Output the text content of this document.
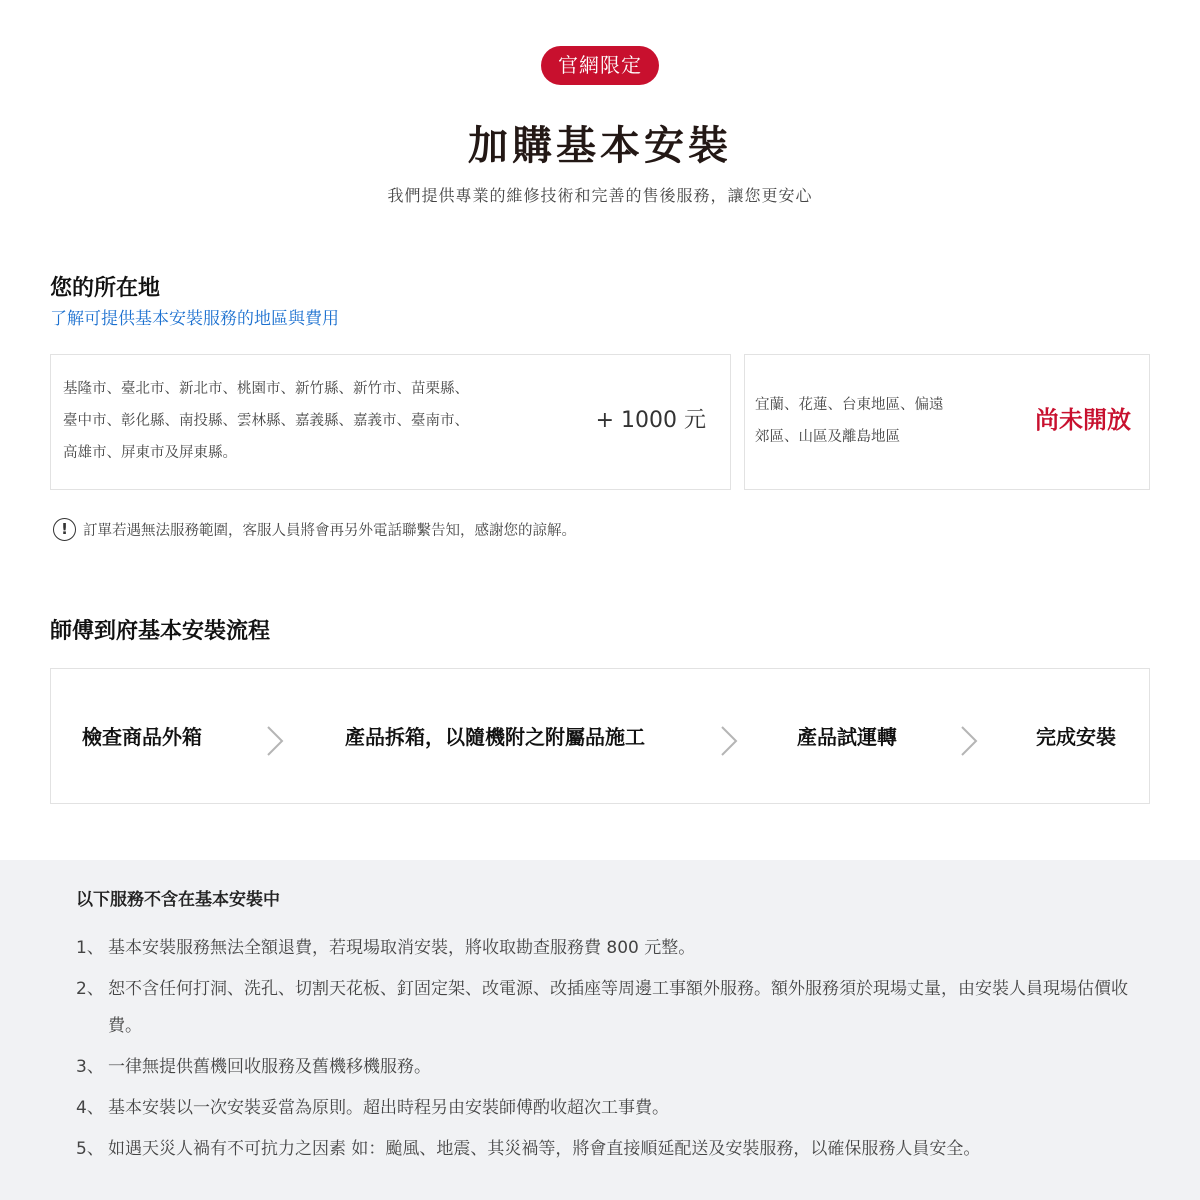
官網限定
加購基本安裝

我們提供專業的維修技術和完善的售後服務，讓您更安心

您的所在地
了解可提供基本安裝服務的地區與費用
基隆市、臺北市、新北市、桃園市、新竹縣、新竹市、苗栗縣、
臺中市、彰化縣、南投縣、雲林縣、嘉義縣、嘉義市、臺南市、
高雄市、屏東市及屏東縣。
+ 1000 元
宜蘭、花蓮、台東地區、偏遠
郊區、山區及離島地區
尚未開放
!	訂單若遇無法服務範圍，客服人員將會再另外電話聯繫告知，感謝您的諒解。
師傅到府基本安裝流程
檢查商品外箱	產品拆箱，以隨機附之附屬品施工	產品試運轉	完成安裝
以下服務不含在基本安裝中
1、 基本安裝服務無法全額退費，若現場取消安裝，將收取勘查服務費 800 元整。
2、 恕不含任何打洞、洗孔、切割天花板、釘固定架、改電源、改插座等周邊工事額外服務。額外服務須於現場丈量，由安裝人員現場估價收費。
3、 一律無提供舊機回收服務及舊機移機服務。
4、 基本安裝以一次安裝妥當為原則。超出時程另由安裝師傅酌收超次工事費。
5、 如遇天災人禍有不可抗力之因素 如：颱風、地震、其災禍等，將會直接順延配送及安裝服務，以確保服務人員安全。
